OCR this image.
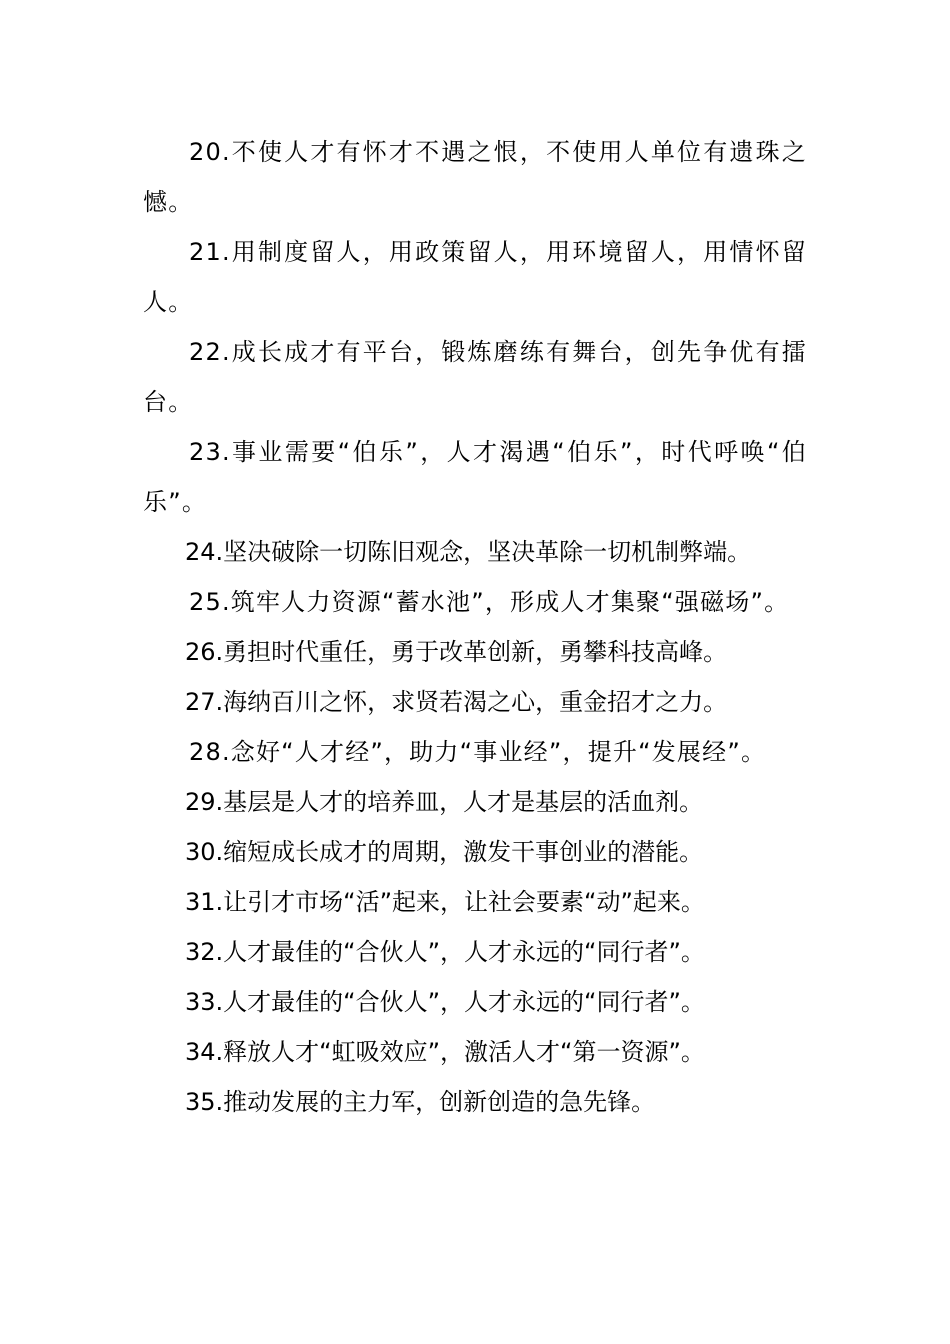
20.不使人才有怀才不遇之恨，不使用人单位有遗珠之憾。

21.用制度留人，用政策留人，用环境留人，用情怀留人。

22.成长成才有平台，锻炼磨练有舞台，创先争优有擂台。

23.事业需要“伯乐”，人才渴遇“伯乐”，时代呼唤“伯乐”。

24.坚决破除一切陈旧观念，坚决革除一切机制弊端。

25.筑牢人力资源“蓄水池”，形成人才集聚“强磁场”。

26.勇担时代重任，勇于改革创新，勇攀科技高峰。

27.海纳百川之怀，求贤若渴之心，重金招才之力。

28.念好“人才经”，助力“事业经”，提升“发展经”。

29.基层是人才的培养皿，人才是基层的活血剂。

30.缩短成长成才的周期，激发干事创业的潜能。

31.让引才市场“活”起来，让社会要素“动”起来。

32.人才最佳的“合伙人”，人才永远的“同行者”。

33.人才最佳的“合伙人”，人才永远的“同行者”。

34.释放人才“虹吸效应”，激活人才“第一资源”。

35.推动发展的主力军，创新创造的急先锋。
